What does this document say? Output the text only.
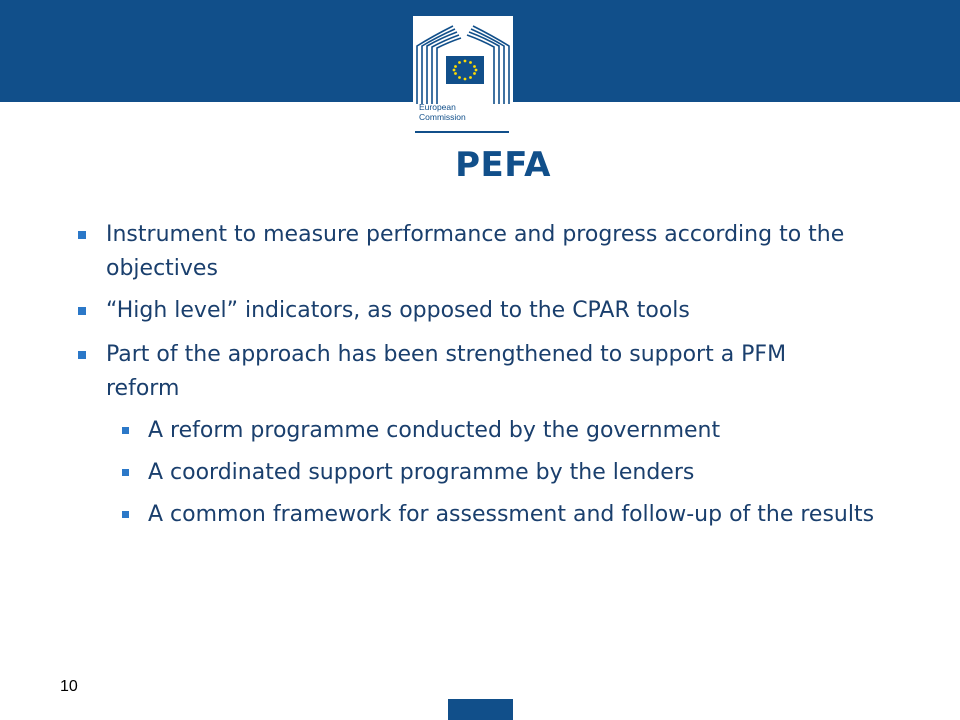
European
Commission
PEFA
Instrument to measure performance and progress according to the objectives
“High level” indicators, as opposed to the CPAR tools
Part of the approach has been strengthened to support a PFM reform
A reform programme conducted by the government
A coordinated support programme by the lenders
A common framework for assessment and follow-up of the results
10
